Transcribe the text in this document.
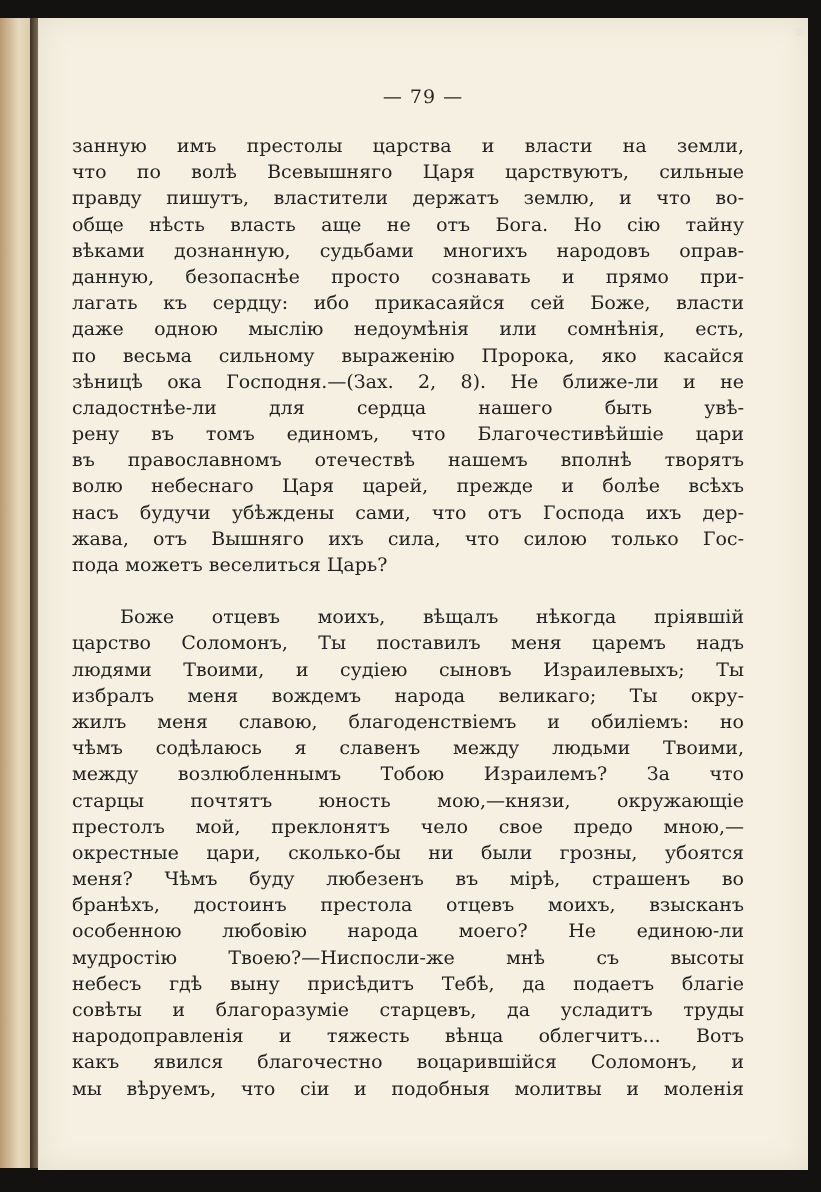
— 79 —
занную имъ престолы царства и власти на земли,
что по волѣ Всевышняго Царя царствуютъ, сильные
правду пишутъ, властители держатъ землю, и что во-
обще нѣсть власть аще не отъ Бога. Но сію тайну
вѣками дознанную, судьбами многихъ народовъ оправ-
данную, безопаснѣе просто сознавать и прямо при-
лагать къ сердцу: ибо прикасаяйся сей Боже, власти
даже одною мыслію недоумѣнія или сомнѣнія, есть,
по весьма сильному выраженію Пророка, яко касайся
зѣницѣ ока Господня.—(Зах. 2, 8). Не ближе-ли и не
сладостнѣе-ли для сердца нашего быть увѣ-
рену въ томъ единомъ, что Благочестивѣйшіе цари
въ православномъ отечествѣ нашемъ вполнѣ творятъ
волю небеснаго Царя царей, прежде и болѣе всѣхъ
насъ будучи убѣждены сами, что отъ Господа ихъ дер-
жава, отъ Вышняго ихъ сила, что силою только Гос-
пода можетъ веселиться Царь?
Боже отцевъ моихъ, вѣщалъ нѣкогда пріявшій
царство Соломонъ, Ты поставилъ меня царемъ надъ
людями Твоими, и судіею сыновъ Израилевыхъ; Ты
избралъ меня вождемъ народа великаго; Ты окру-
жилъ меня славою, благоденствіемъ и обиліемъ: но
чѣмъ содѣлаюсь я славенъ между людьми Твоими,
между возлюбленнымъ Тобою Израилемъ? За что
старцы почтятъ юность мою,—князи, окружающіе
престолъ мой, преклонятъ чело свое предо мною,—
окрестные цари, сколько-бы ни были грозны, убоятся
меня? Чѣмъ буду любезенъ въ мірѣ, страшенъ во
бранѣхъ, достоинъ престола отцевъ моихъ, взысканъ
особенною любовію народа моего? Не единою-ли
мудростію Твоею?—Ниспосли-же мнѣ съ высоты
небесъ гдѣ выну присѣдитъ Тебѣ, да подаетъ благіе
совѣты и благоразуміе старцевъ, да усладитъ труды
народоправленія и тяжесть вѣнца облегчитъ... Вотъ
какъ явился благочестно воцарившійся Соломонъ, и
мы вѣруемъ, что сіи и подобныя молитвы и моленія
